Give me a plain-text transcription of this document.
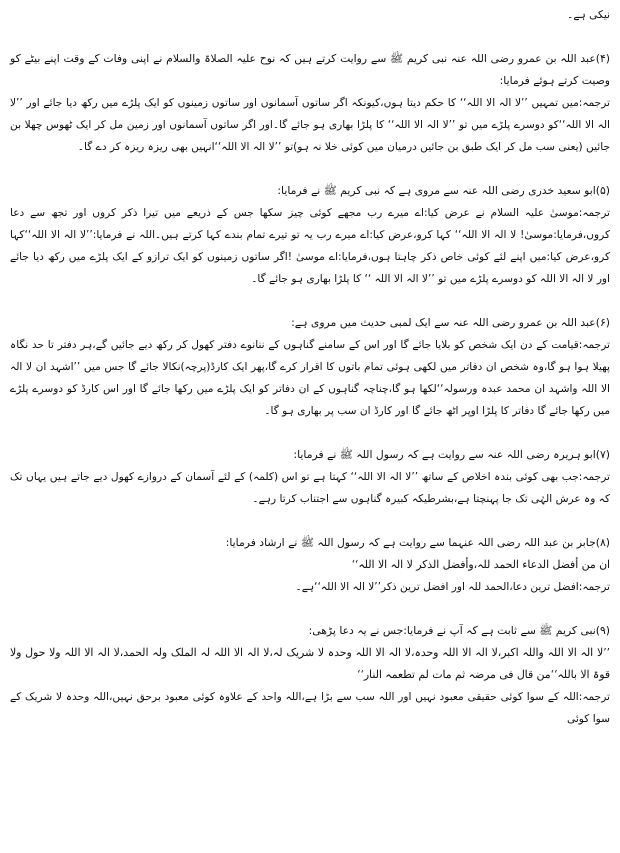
نیکی ہے۔

(۴)عبد اللہ بن عمرو رضی اللہ عنہ نبی کریم ﷺ سے روایت کرتے ہیں کہ نوح علیہ الصلاۃ والسلام نے اپنی وفات کے وقت اپنے بیٹے کو وصیت کرتے ہوئے فرمایا:

ترجمہ:میں تمہیں ’’لا الہ الا اللہ‘‘ کا حکم دیتا ہوں،کیونکہ اگر ساتوں آسمانوں اور ساتوں زمینوں کو ایک پلڑے میں رکھ دیا جائے اور ’’لا الہ الا اللہ‘‘کو دوسرے پلڑے میں تو ’’لا الہ الا اللہ‘‘ کا پلڑا بھاری ہو جائے گا۔اور اگر ساتوں آسمانوں اور زمین مل کر ایک ٹھوس چھلا بن جائیں (یعنی سب مل کر ایک طبق بن جائیں درمیان میں کوئی خلا نہ ہو)تو ’’لا الہ الا اللہ‘‘انہیں بھی ریزہ ریزہ کر دے گا۔

(۵)ابو سعید خدری رضی اللہ عنہ سے مروی ہے کہ نبی کریم ﷺ نے فرمایا:

ترجمہ:موسیٰ علیہ السلام نے عرض کیا:اے میرے رب مجھے کوئی چیز سکھا جس کے ذریعے میں تیرا ذکر کروں اور تجھ سے دعا کروں،فرمایا:موسیٰ! لا الہ الا اللہ‘‘ کہا کرو،عرض کیا:اے میرے رب یہ تو تیرے تمام بندے کہا کرتے ہیں۔اللہ نے فرمایا:’’لا الہ الا اللہ‘‘کہا کرو،عرض کیا:میں اپنے لئے کوئی خاص ذکر چاہتا ہوں،فرمایا:اے موسیٰ !اگر ساتوں زمینوں کو ایک ترازو کے ایک پلڑے میں رکھ دیا جائے اور لا الہ الا اللہ کو دوسرے پلڑے میں تو ’’لا الہ الا اللہ ‘‘ کا پلڑا بھاری ہو جائے گا۔

(۶)عبد اللہ بن عمرو رضی اللہ عنہ سے ایک لمبی حدیث میں مروی ہے:

ترجمہ:قیامت کے دن ایک شخص کو بلایا جائے گا اور اس کے سامنے گناہوں کے ننانوے دفتر کھول کر رکھ دیے جائیں گے،ہر دفتر تا حد نگاہ پھیلا ہوا ہو گا،وہ شخص ان دفاتر میں لکھی ہوئی تمام باتوں کا اقرار کرے گا،پھر ایک کارڈ(پرچہ)نکالا جائے گا جس میں ’’اشہد ان لا الہ الا اللہ واشہد ان محمد عبدہ ورسولہ‘‘لکھا ہو گا،چناچہ گناہوں کے ان دفاتر کو ایک پلڑے میں رکھا جائے گا اور اس کارڈ کو دوسرے پلڑے میں رکھا جائے گا دفاتر کا پلڑا اوپر اٹھ جائے گا اور کارڈ ان سب پر بھاری ہو گا۔

(۷)ابو ہریرہ رضی اللہ عنہ سے روایت ہے کہ رسول اللہ ﷺ نے فرمایا:

ترجمہ:جب بھی کوئی بندہ اخلاص کے ساتھ ’’لا الہ الا اللہ‘‘ کہتا ہے تو اس (کلمہ) کے لئے آسمان کے دروازے کھول دیے جاتے ہیں یہاں تک کہ وہ عرش الہٰی تک جا پہنچتا ہے،بشرطیکہ کبیرہ گناہوں سے اجتناب کرتا رہے۔

(۸)جابر بن عبد اللہ رضی اللہ عنہما سے روایت ہے کہ رسول اللہ ﷺ نے ارشاد فرمایا:

ان من أفضل الدعاء الحمد للہ،وأفضل الذکر لا الہ الا اللہ‘‘

ترجمہ:افضل ترین دعا،الحمد للہ اور افضل ترین ذکر’’لا الہ الا اللہ‘‘ہے۔

(۹)نبی کریم ﷺ سے ثابت ہے کہ آپ نے فرمایا:جس نے یہ دعا پڑھی:

’’لا الہ الا اللہ واللہ اکبر،لا الہ الا اللہ وحدہ،لا الہ الا اللہ وحدہ لا شریک لہ،لا الہ الا اللہ لہ الملک ولہ الحمد،لا الہ الا اللہ ولا حول ولا قوۃ الا باللہ‘‘من قال فی مرضہ ثم مات لم تطعمہ النار‘‘

ترجمہ:اللہ کے سوا کوئی حقیقی معبود نہیں اور اللہ سب سے بڑا ہے،اللہ واحد کے علاوہ کوئی معبود برحق نہیں،اللہ وحدہ لا شریک کے سوا کوئی
